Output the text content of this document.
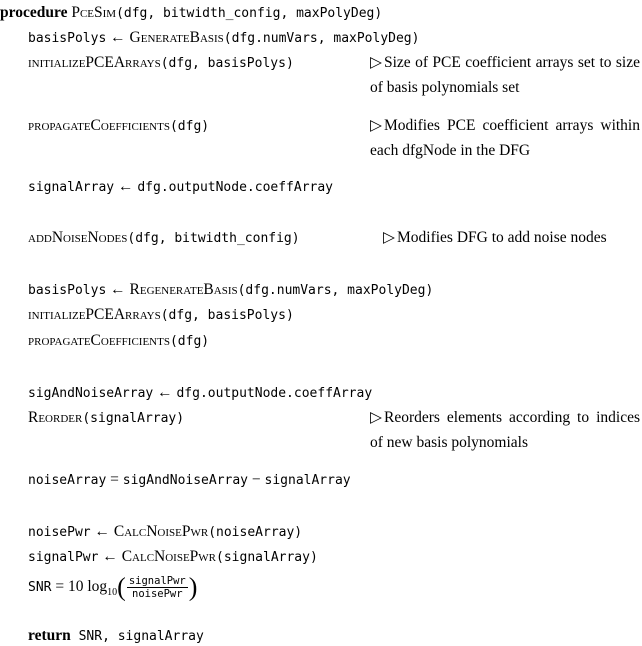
procedure PceSim(dfg, bitwidth_config, maxPolyDeg)
basisPolys ← GenerateBasis(dfg.numVars, maxPolyDeg)
initializePCEArrays(dfg, basisPolys)	▷ Size of PCE coefficient arrays set to size of basis polynomials set
propagateCoefficients(dfg)	▷ Modifies PCE coefficient arrays within each dfgNode in the DFG
signalArray ← dfg.outputNode.coeffArray
addNoiseNodes(dfg, bitwidth_config)	▷ Modifies DFG to add noise nodes
basisPolys ← RegenerateBasis(dfg.numVars, maxPolyDeg)
initializePCEArrays(dfg, basisPolys)
propagateCoefficients(dfg)
sigAndNoiseArray ← dfg.outputNode.coeffArray
Reorder(signalArray)	▷ Reorders elements according to indices of new basis polynomials
noiseArray = sigAndNoiseArray − signalArray
noisePwr ← CalcNoisePwr(noiseArray)
signalPwr ← CalcNoisePwr(signalArray)
SNR = 10 $\log_{10}( \frac{\text{signalPwr}}{\text{noisePwr}}$ )
return SNR, signalArray
